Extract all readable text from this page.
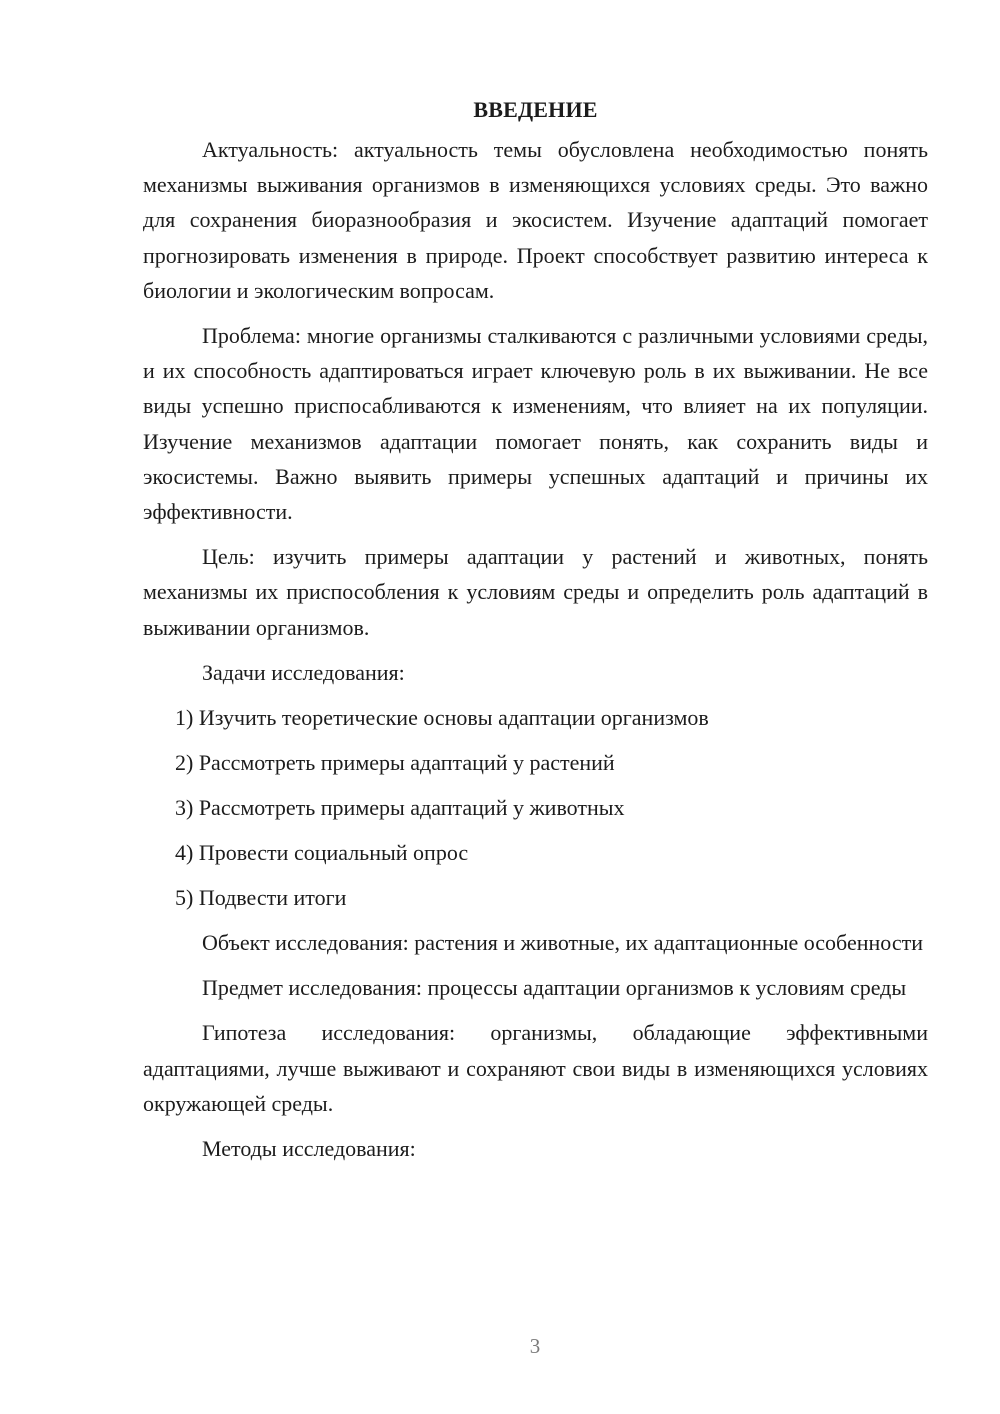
ВВЕДЕНИЕ

Актуальность: актуальность темы обусловлена необходимостью понять механизмы выживания организмов в изменяющихся условиях среды. Это важно для сохранения биоразнообразия и экосистем. Изучение адаптаций помогает прогнозировать изменения в природе. Проект способствует развитию интереса к биологии и экологическим вопросам.

Проблема: многие организмы сталкиваются с различными условиями среды, и их способность адаптироваться играет ключевую роль в их выживании. Не все виды успешно приспосабливаются к изменениям, что влияет на их популяции. Изучение механизмов адаптации помогает понять, как сохранить виды и экосистемы. Важно выявить примеры успешных адаптаций и причины их эффективности.

Цель: изучить примеры адаптации у растений и животных, понять механизмы их приспособления к условиям среды и определить роль адаптаций в выживании организмов.

Задачи исследования:

1) Изучить теоретические основы адаптации организмов
2) Рассмотреть примеры адаптаций у растений
3) Рассмотреть примеры адаптаций у животных
4) Провести социальный опрос
5) Подвести итоги

Объект исследования: растения и животные, их адаптационные особенности

Предмет исследования: процессы адаптации организмов к условиям среды

Гипотеза исследования: организмы, обладающие эффективными адаптациями, лучше выживают и сохраняют свои виды в изменяющихся условиях окружающей среды.

Методы исследования:

3
